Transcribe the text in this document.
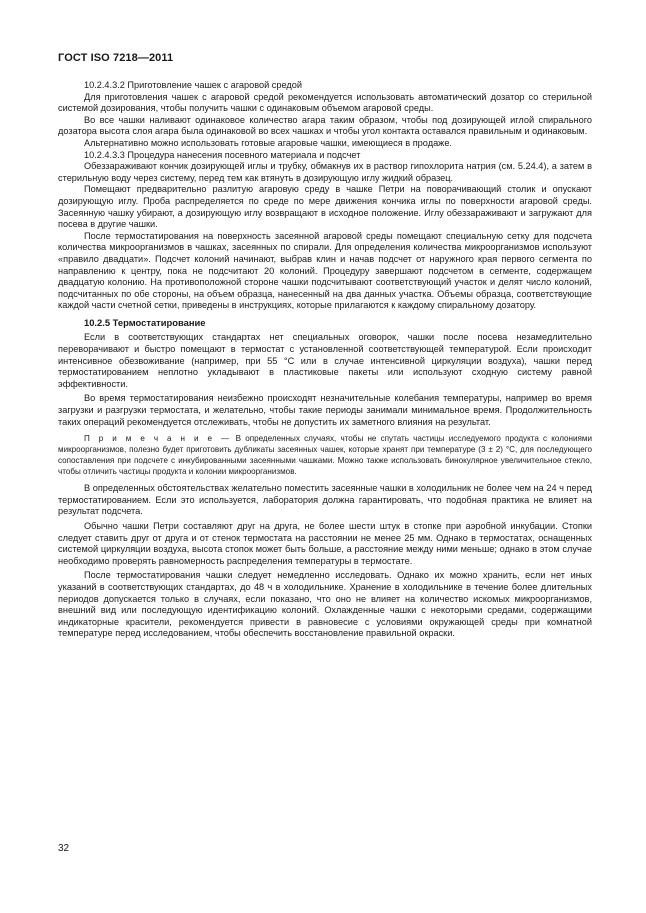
ГОСТ ISO 7218—2011

10.2.4.3.2 Приготовление чашек с агаровой средой

Для приготовления чашек с агаровой средой рекомендуется использовать автоматический дозатор со стерильной системой дозирования, чтобы получить чашки с одинаковым объемом агаровой среды.

Во все чашки наливают одинаковое количество агара таким образом, чтобы под дозирующей иглой спирального дозатора высота слоя агара была одинаковой во всех чашках и чтобы угол контакта оставался правильным и одинаковым.

Альтернативно можно использовать готовые агаровые чашки, имеющиеся в продаже.

10.2.4.3.3 Процедура нанесения посевного материала и подсчет

Обеззараживают кончик дозирующей иглы и трубку, обмакнув их в раствор гипохлорита натрия (см. 5.24.4), а затем в стерильную воду через систему, перед тем как втянуть в дозирующую иглу жидкий образец.

Помещают предварительно разлитую агаровую среду в чашке Петри на поворачивающий столик и опускают дозирующую иглу. Проба распределяется по среде по мере движения кончика иглы по поверхности агаровой среды. Засеянную чашку убирают, а дозирующую иглу возвращают в исходное положение. Иглу обеззараживают и загружают для посева в другие чашки.

После термостатирования на поверхность засеянной агаровой среды помещают специальную сетку для подсчета количества микроорганизмов в чашках, засеянных по спирали. Для определения количества микроорганизмов используют «правило двадцати». Подсчет колоний начинают, выбрав клин и начав подсчет от наружного края первого сегмента по направлению к центру, пока не подсчитают 20 колоний. Процедуру завершают подсчетом в сегменте, содержащем двадцатую колонию. На противоположной стороне чашки подсчитывают соответствующий участок и делят число колоний, подсчитанных по обе стороны, на объем образца, нанесенный на два данных участка. Объемы образца, соответствующие каждой части счетной сетки, приведены в инструкциях, которые прилагаются к каждому спиральному дозатору.

10.2.5 Термостатирование

Если в соответствующих стандартах нет специальных оговорок, чашки после посева незамедлительно переворачивают и быстро помещают в термостат с установленной соответствующей температурой. Если происходит интенсивное обезвоживание (например, при 55 °С или в случае интенсивной циркуляции воздуха), чашки перед термостатированием неплотно укладывают в пластиковые пакеты или используют сходную систему равной эффективности.

Во время термостатирования неизбежно происходят незначительные колебания температуры, например во время загрузки и разгрузки термостата, и желательно, чтобы такие периоды занимали минимальное время. Продолжительность таких операций рекомендуется отслеживать, чтобы не допустить их заметного влияния на результат.

П р и м е ч а н и е — В определенных случаях, чтобы не спутать частицы исследуемого продукта с колониями микроорганизмов, полезно будет приготовить дубликаты засеянных чашек, которые хранят при температуре (3 ± 2) °С, для последующего сопоставления при подсчете с инкубированными засеянными чашками. Можно также использовать бинокулярное увеличительное стекло, чтобы отличить частицы продукта и колонии микроорганизмов.

В определенных обстоятельствах желательно поместить засеянные чашки в холодильник не более чем на 24 ч перед термостатированием. Если это используется, лаборатория должна гарантировать, что подобная практика не влияет на результат подсчета.

Обычно чашки Петри составляют друг на друга, не более шести штук в стопке при аэробной инкубации. Стопки следует ставить друг от друга и от стенок термостата на расстоянии не менее 25 мм. Однако в термостатах, оснащенных системой циркуляции воздуха, высота стопок может быть больше, а расстояние между ними меньше; однако в этом случае необходимо проверять равномерность распределения температуры в термостате.

После термостатирования чашки следует немедленно исследовать. Однако их можно хранить, если нет иных указаний в соответствующих стандартах, до 48 ч в холодильнике. Хранение в холодильнике в течение более длительных периодов допускается только в случаях, если показано, что оно не влияет на количество искомых микроорганизмов, внешний вид или последующую идентификацию колоний. Охлажденные чашки с некоторыми средами, содержащими индикаторные красители, рекомендуется привести в равновесие с условиями окружающей среды при комнатной температуре перед исследованием, чтобы обеспечить восстановление правильной окраски.

32
